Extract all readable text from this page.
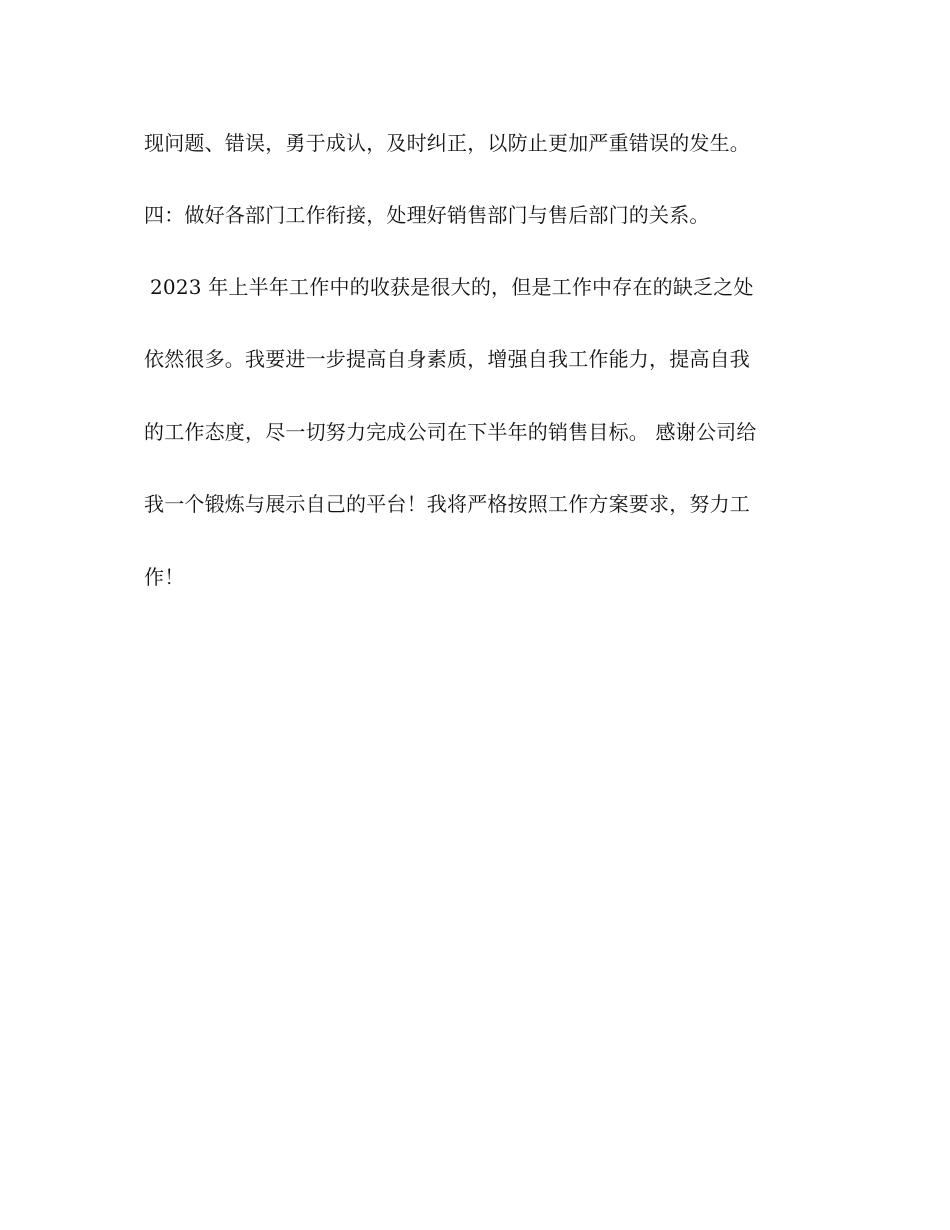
现问题、错误，勇于成认，及时纠正，以防止更加严重错误的发生。
四：做好各部门工作衔接，处理好销售部门与售后部门的关系。
2023 年上半年工作中的收获是很大的，但是工作中存在的缺乏之处
依然很多。我要进一步提高自身素质，增强自我工作能力，提高自我
的工作态度，尽一切努力完成公司在下半年的销售目标。 感谢公司给
我一个锻炼与展示自己的平台！我将严格按照工作方案要求，努力工
作！
